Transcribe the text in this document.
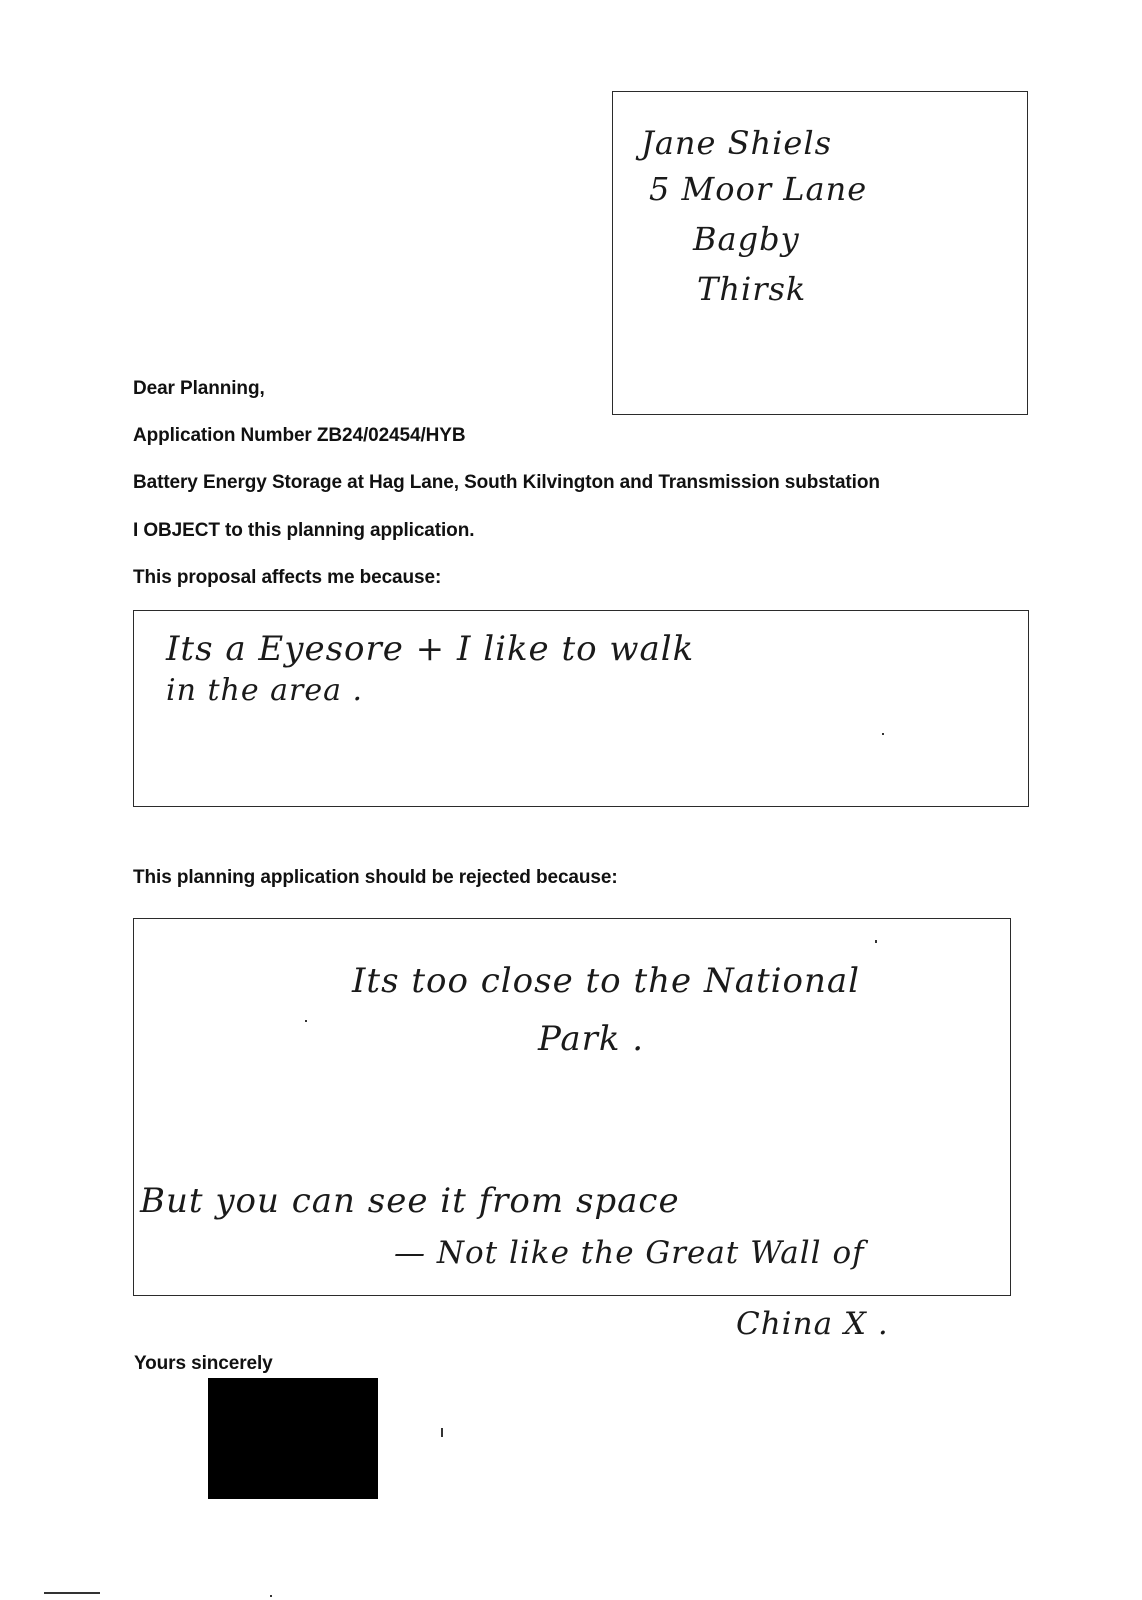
Jane Shiels
5 Moor Lane
Bagby
Thirsk
Dear Planning,
Application Number ZB24/02454/HYB
Battery Energy Storage at Hag Lane, South Kilvington and Transmission substation
I OBJECT to this planning application.
This proposal affects me because:
Its a Eyesore + I like to walk
in the area .
This planning application should be rejected because:
Its too close to the National
Park .
But you can see it from space
— Not like the Great Wall of
China X .
Yours sincerely
